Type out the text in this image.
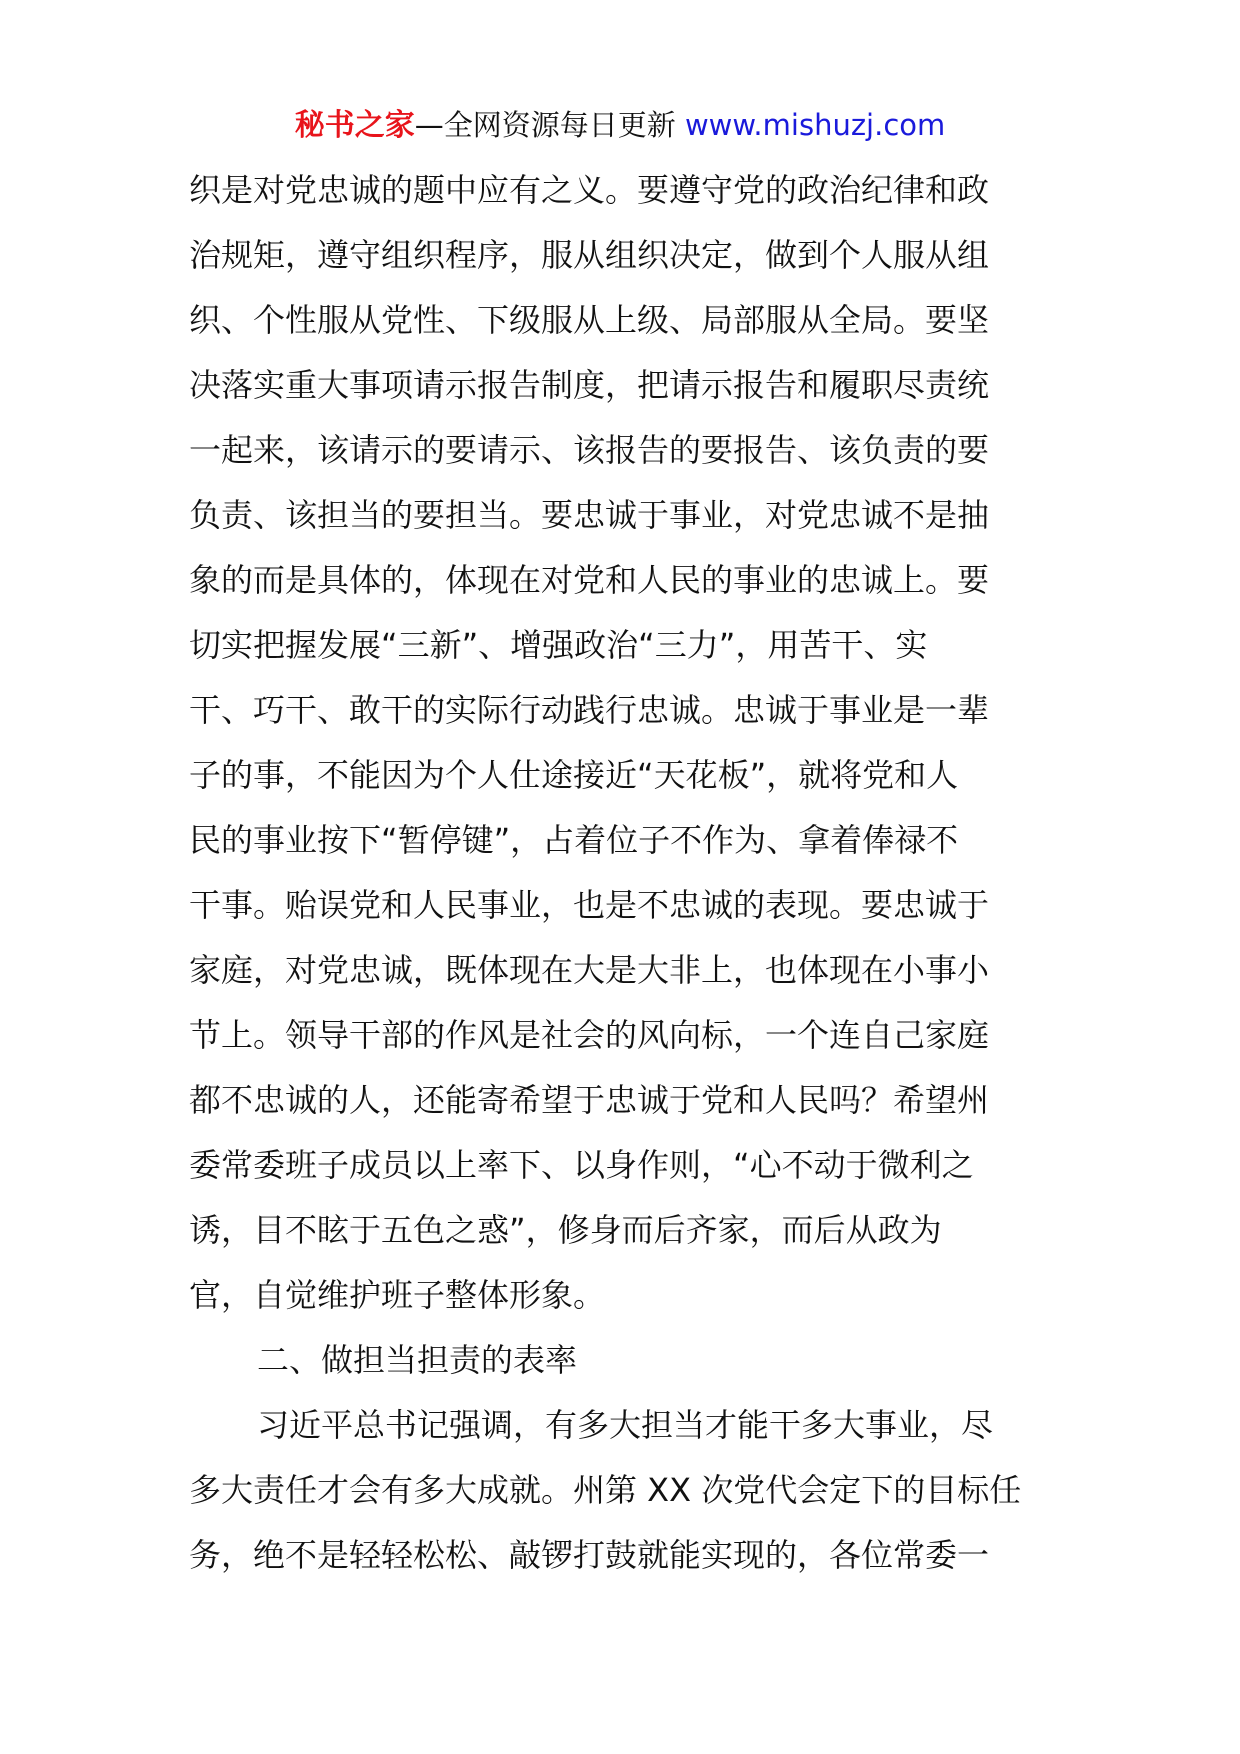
秘书之家—全网资源每日更新 www.mishuzj.com
织是对党忠诚的题中应有之义。要遵守党的政治纪律和政
治规矩，遵守组织程序，服从组织决定，做到个人服从组
织、个性服从党性、下级服从上级、局部服从全局。要坚
决落实重大事项请示报告制度，把请示报告和履职尽责统
一起来，该请示的要请示、该报告的要报告、该负责的要
负责、该担当的要担当。要忠诚于事业，对党忠诚不是抽
象的而是具体的，体现在对党和人民的事业的忠诚上。要
切实把握发展“三新”、增强政治“三力”，用苦干、实
干、巧干、敢干的实际行动践行忠诚。忠诚于事业是一辈
子的事，不能因为个人仕途接近“天花板”，就将党和人
民的事业按下“暂停键”，占着位子不作为、拿着俸禄不
干事。贻误党和人民事业，也是不忠诚的表现。要忠诚于
家庭，对党忠诚，既体现在大是大非上，也体现在小事小
节上。领导干部的作风是社会的风向标，一个连自己家庭
都不忠诚的人，还能寄希望于忠诚于党和人民吗？希望州
委常委班子成员以上率下、以身作则，“心不动于微利之
诱，目不眩于五色之惑”，修身而后齐家，而后从政为
官，自觉维护班子整体形象。
二、做担当担责的表率
习近平总书记强调，有多大担当才能干多大事业，尽
多大责任才会有多大成就。州第 XX 次党代会定下的目标任
务，绝不是轻轻松松、敲锣打鼓就能实现的，各位常委一
